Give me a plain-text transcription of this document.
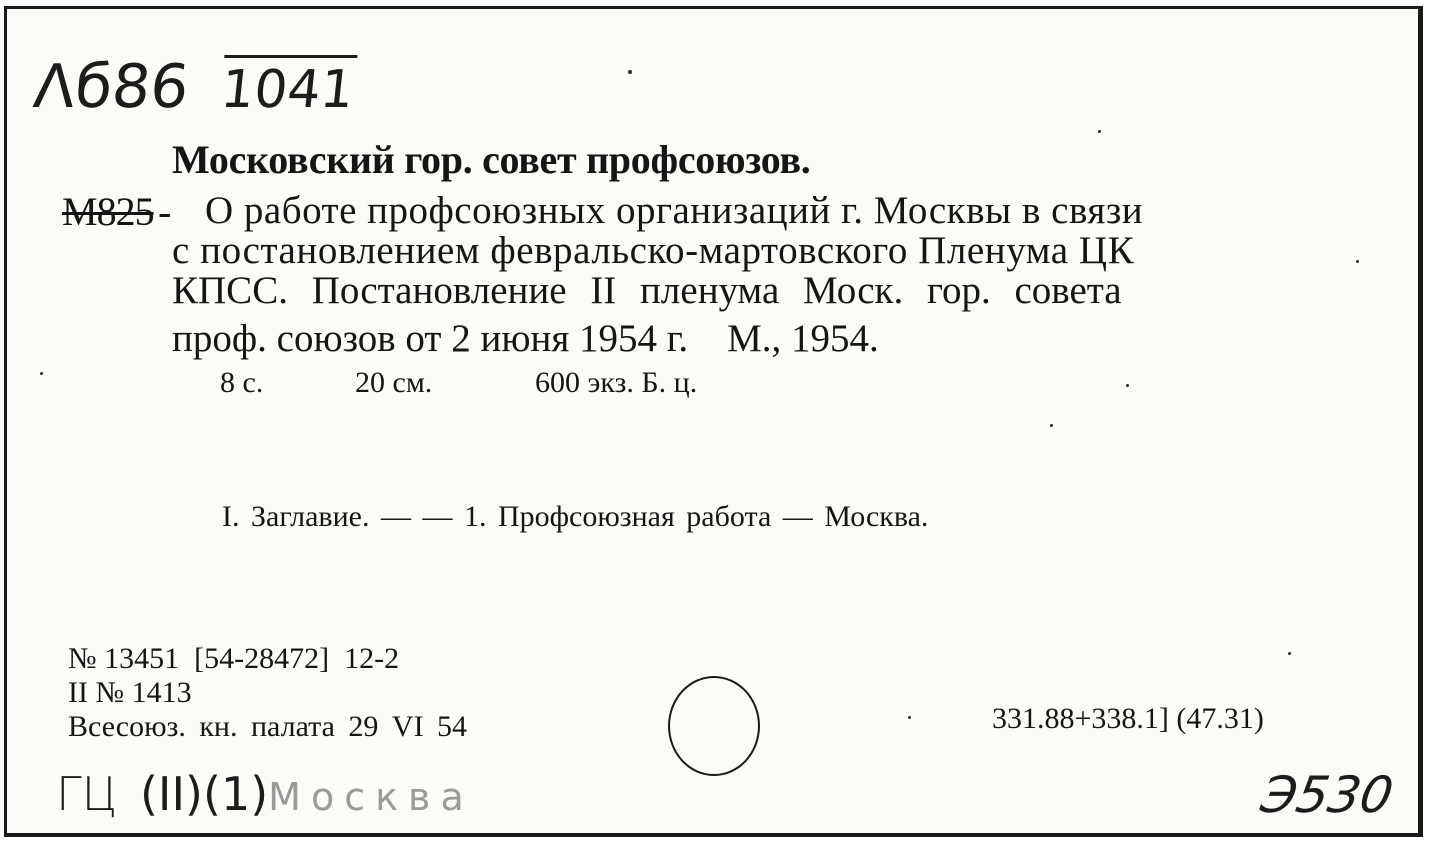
Λб86 1041

Московский гор. совет профсоюзов.

М825 - О работе профсоюзных организаций г. Москвы в связи

с постановлением февральско-мартовского Пленума ЦК

КПСС. Постановление II пленума Моск. гор. совета

проф. союзов от 2 июня 1954 г.    М., 1954.

8 с.	20 см.	600 экз. Б. ц.

I. Заглавие. — — 1. Профсоюзная работа — Москва.

№ 13451  [54-28472]  12-2

II № 1413

Всесоюз. кн. палата 29 VI 54	331.88+338.1] (47.31)

ГЦ (II)(1)Москва	Э530
